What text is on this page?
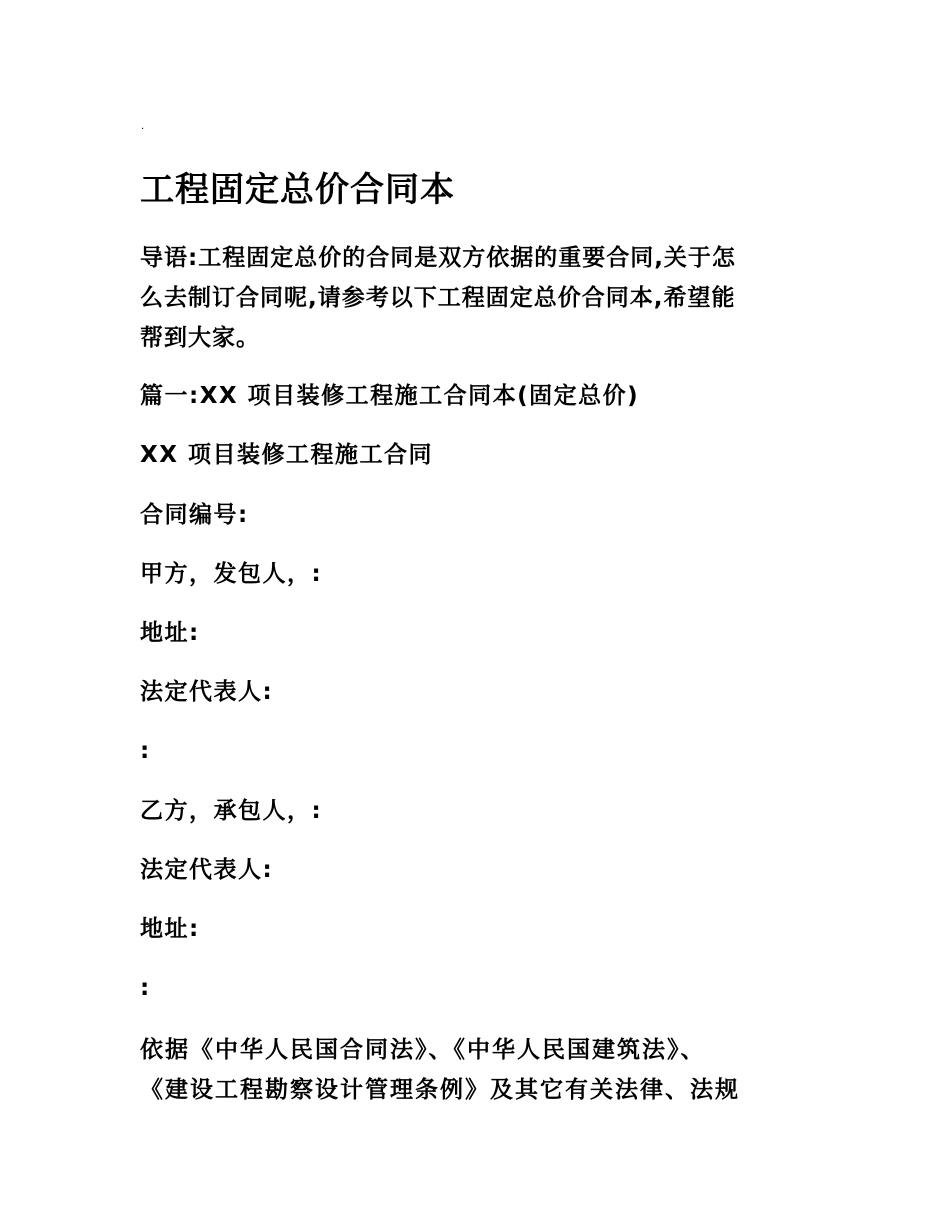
.
工程固定总价合同本
导语:工程固定总价的合同是双方依据的重要合同,关于怎
么去制订合同呢,请参考以下工程固定总价合同本,希望能
帮到大家。

篇一:XX 项目装修工程施工合同本(固定总价)

XX 项目装修工程施工合同

合同编号:

甲方，发包人，:

地址:

法定代表人:

:

乙方，承包人，:

法定代表人:

地址:

:

依据《中华人民国合同法》、《中华人民国建筑法》、
《建设工程勘察设计管理条例》及其它有关法律、法规
